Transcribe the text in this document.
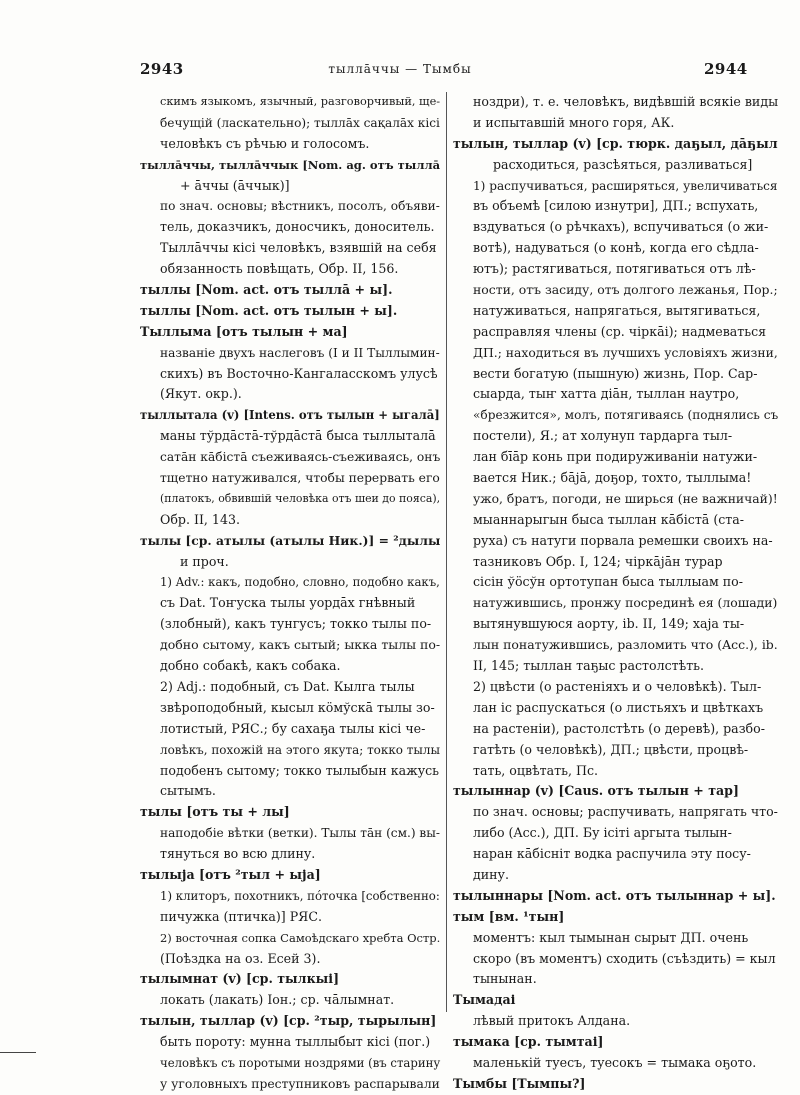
2943	тыллāччы — Тымбы	2944
скимъ языкомъ, язычный, разговорчивый, ще-
бечущій (ласкательно); тыллāх сақалāх кісі
человѣкъ съ рѣчью и голосомъ.
тыллāччы, тыллāччык [Nom. ag. отъ тыллā
+ āччы (āччык)]
по знач. основы; вѣстникъ, посолъ, объяви-
тель, доказчикъ, доносчикъ, доноситель.
Тыллāччы кісі человѣкъ, взявшій на себя
обязанность повѣщать, Обр. II, 156.
тыллы [Nom. act. отъ тыллā + ы].
тыллы [Nom. act. отъ тылын + ы].
Тыллыма [отъ тылын + ма]
названіе двухъ наслеговъ (I и II Тыллымин-
скихъ) въ Восточно-Кангаласскомъ улусѣ
(Якут. окр.).
тыллытала (v) [Intens. отъ тылын + ыгалā]
маны тўрдāстā-тўрдāстā быса тыллыталā
сатāн кāбістā съеживаясь-съеживаясь, онъ
тщетно натуживался, чтобы перервать его
(платокъ, обвившій человѣка отъ шеи до пояса),
Обр. II, 143.
тылы [ср. атылы (атылы Ник.)] = ²дылы
и проч.
1) Adv.: какъ, подобно, словно, подобно какъ,
съ Dat. Тоҥуска тылы уордāх гнѣвный
(злобный), какъ тунгусъ; токко тылы по-
добно сытому, какъ сытый; ыкка тылы по-
добно собакѣ, какъ собака.
2) Adj.: подобный, съ Dat. Кылга тылы
звѣроподобный, кысыл кöмўскā тылы зо-
лотистый, РЯС.; бу сахаҕа тылы кісі че-
ловѣкъ, похожій на этого якута; токко тылы
подобенъ сытому; токко тылыбын кажусь
сытымъ.
тылы [отъ ты + лы]
наподобіе вѣтки (ветки). Тылы тāн (см.) вы-
тянуться во всю длину.
тылыја [отъ ²тыл + ыја]
1) клиторъ, похотникъ, пόточка [собственно:
пичужка (птичка)] РЯС.
2) восточная сопка Самоѣдскаго хребта Остр.
(Поѣздка на оз. Есей 3).
тылымнат (v) [ср. тылкыі]
локать (лакать) Іон.; ср. чāлымнат.
тылын, тыллар (v) [ср. ²тыр, тырылын]
быть пороту: мунна тыллыбыт кісі (пог.)
человѣкъ съ поротыми ноздрями (въ старину
у уголовныхъ преступниковъ распарывали
ноздри), т. е. человѣкъ, видѣвшій всякіе виды
и испытавшій много горя, АК.
тылын, тыллар (v) [ср. тюрк. даҕыл, дāҕыл
расходиться, разсѣяться, разливаться]
1) распучиваться, расширяться, увеличиваться
въ объемѣ [силою изнутри], ДП.; вспухать,
вздуваться (о рѣчкахъ), вспучиваться (о жи-
вотѣ), надуваться (о конѣ, когда его сѣдла-
ютъ); растягиваться, потягиваться отъ лѣ-
ности, отъ засиду, отъ долгого лежанья, Пор.;
натуживаться, напрягаться, вытягиваться,
расправляя члены (ср. чіркāі); надмеваться
ДП.; находиться въ лучшихъ условіяхъ жизни,
вести богатую (пышную) жизнь, Пор. Сар-
сыарда, тыҥ хатта діāн, тыллан наутро,
«брезжится», молъ, потягиваясь (поднялись съ
постели), Я.; ат холунуп тардарга тыл-
лан бīāр конь при подируживаніи натужи-
вается Ник.; бāјā, доҕор, тохто, тыллыма!
ужо, братъ, погоди, не ширься (не важничай)!
мыаннарыгын быса тыллан кāбістā (ста-
руха) съ натуги порвала ремешки своихъ на-
тазниковъ Обр. I, 124; чіркāјāн турар
сісін ўöсўн ортотупан быса тыллыам по-
натужившись, пронжу посрединѣ ея (лошади)
вытянувшуюся аорту, ib. II, 149; хаја ты-
лын понатужившись, разломить что (Acc.), ib.
II, 145; тыллан таҕыс растолстѣть.
2) цвѣсти (о растеніяхъ и о человѣкѣ). Тыл-
лан іс распускаться (о листьяхъ и цвѣткахъ
на растеніи), растолстѣть (о деревѣ), разбо-
гатѣть (о человѣкѣ), ДП.; цвѣсти, процвѣ-
тать, оцвѣтать, Пс.
тылыннар (v) [Caus. отъ тылын + тар]
по знач. основы; распучивать, напрягать что-
либо (Acc.), ДП. Бу ісіті аргыта тылын-
наран кāбісніт водка распучила эту посу-
дину.
тылыннары [Nom. act. отъ тылыннар + ы].
тым [вм. ¹тын]
моментъ: кыл тымынан сырыт ДП. очень
скоро (въ моментъ) сходить (съѣздить) = кыл
тынынан.
Тымадаі
лѣвый притокъ Алдана.
тымака [ср. тымтаі]
маленькій туесъ, туесокъ = тымака оҕото.
Тымбы [Тымпы?]
